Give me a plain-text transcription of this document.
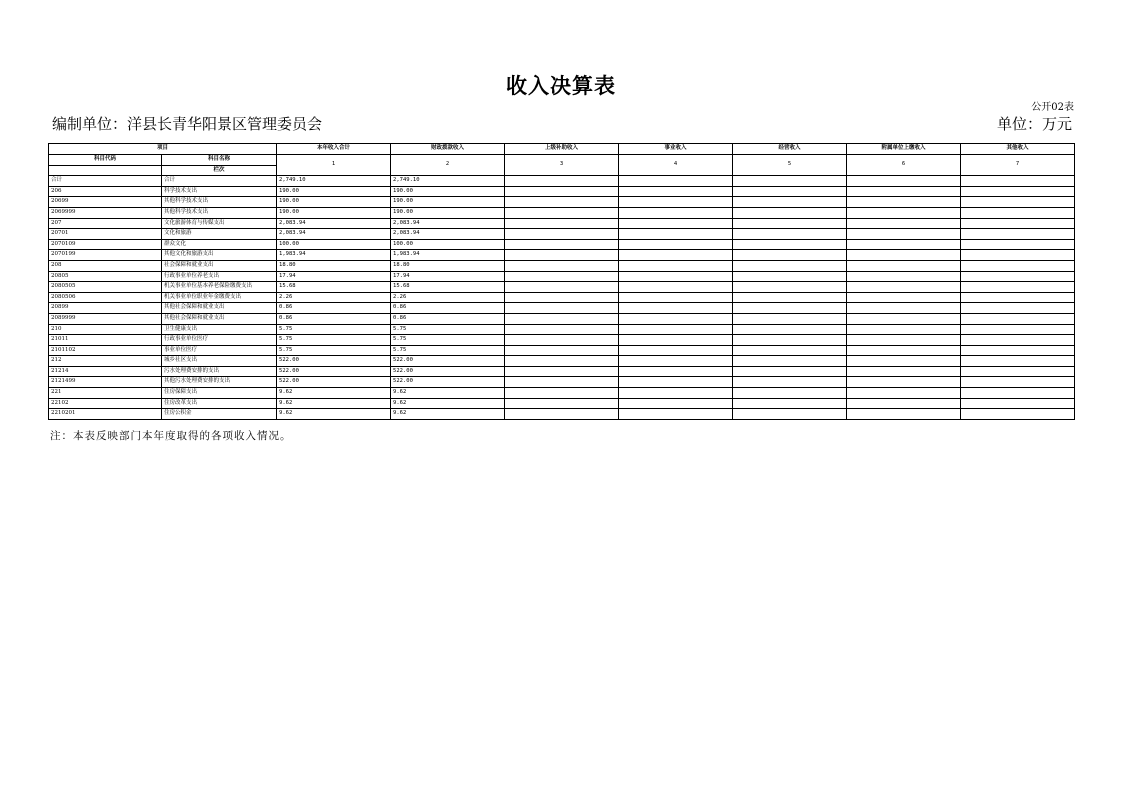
收入决算表
公开02表
编制单位：洋县长青华阳景区管理委员会	单位：万元
项目		本年收入合计	财政拨款收入	上级补助收入	事业收入	经营收入	附属单位上缴收入	其他收入
科目代码	科目名称	1	2	3	4	5	6	7
	栏次							
合计	合计	2,749.10	2,749.10					
206	科学技术支出	190.00	190.00					
20699	其他科学技术支出	190.00	190.00					
2069999	其他科学技术支出	190.00	190.00					
207	文化旅游体育与传媒支出	2,083.94	2,083.94					
20701	文化和旅游	2,083.94	2,083.94					
2070109	群众文化	100.00	100.00					
2070199	其他文化和旅游支出	1,983.94	1,983.94					
208	社会保障和就业支出	18.80	18.80					
20805	行政事业单位养老支出	17.94	17.94					
2080505	机关事业单位基本养老保险缴费支出	15.68	15.68					
2080506	机关事业单位职业年金缴费支出	2.26	2.26					
20899	其他社会保障和就业支出	0.86	0.86					
2089999	其他社会保障和就业支出	0.86	0.86					
210	卫生健康支出	5.75	5.75					
21011	行政事业单位医疗	5.75	5.75					
2101102	事业单位医疗	5.75	5.75					
212	城乡社区支出	522.00	522.00					
21214	污水处理费安排的支出	522.00	522.00					
2121499	其他污水处理费安排的支出	522.00	522.00					
221	住房保障支出	9.62	9.62					
22102	住房改革支出	9.62	9.62					
2210201	住房公积金	9.62	9.62					
注：本表反映部门本年度取得的各项收入情况。
